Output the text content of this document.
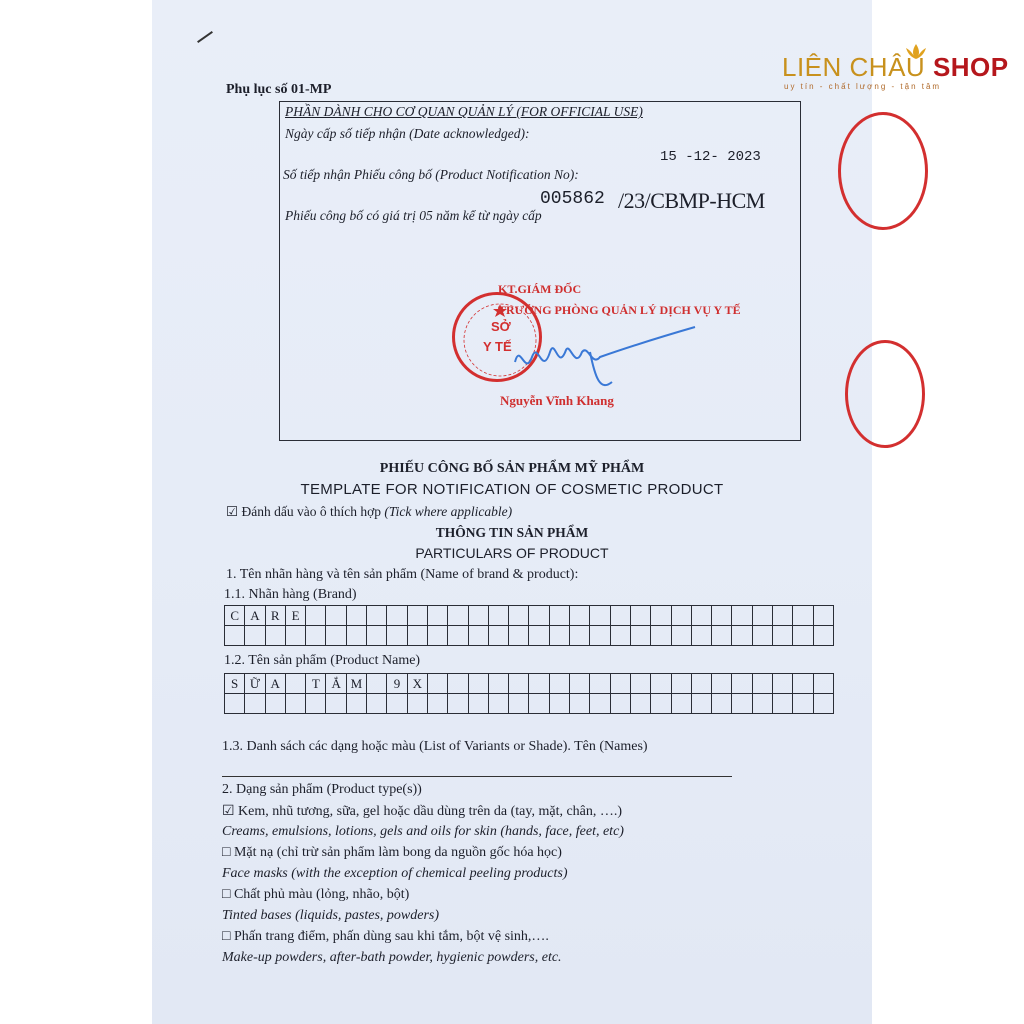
LIÊN CHÂU SHOP
uy tín - chất lượng - tận tâm
Phụ lục số 01-MP
PHẦN DÀNH CHO CƠ QUAN QUẢN LÝ (FOR OFFICIAL USE)
Ngày cấp số tiếp nhận (Date acknowledged):
15 -12- 2023
Số tiếp nhận Phiếu công bố (Product Notification No):
005862 /23/CBMP-HCM
Phiếu công bố có giá trị 05 năm kể từ ngày cấp
SỞ
Y TẾ
KT.GIÁM ĐỐC
TRƯỞNG PHÒNG QUẢN LÝ DỊCH VỤ Y TẾ
Nguyễn Vĩnh Khang
PHIẾU CÔNG BỐ SẢN PHẨM MỸ PHẨM
TEMPLATE FOR NOTIFICATION OF COSMETIC PRODUCT
☑ Đánh dấu vào ô thích hợp (Tick where applicable)
THÔNG TIN SẢN PHẨM
PARTICULARS OF PRODUCT
1. Tên nhãn hàng và tên sản phẩm (Name of brand & product):
1.1. Nhãn hàng (Brand)
C	A	R	E																										

1.2. Tên sản phẩm (Product Name)
S	Ữ	A		T	Ắ	M		9	X																				

1.3. Danh sách các dạng hoặc màu (List of Variants or Shade). Tên (Names)
2. Dạng sản phẩm (Product type(s))
☑ Kem, nhũ tương, sữa, gel hoặc dầu dùng trên da (tay, mặt, chân, ….)
Creams, emulsions, lotions, gels and oils for skin (hands, face, feet, etc)
□ Mặt nạ (chỉ trừ sản phẩm làm bong da nguồn gốc hóa học)
Face masks (with the exception of chemical peeling products)
□ Chất phủ màu (lỏng, nhão, bột)
Tinted bases (liquids, pastes, powders)
□ Phấn trang điểm, phấn dùng sau khi tắm, bột vệ sinh,….
Make-up powders, after-bath powder, hygienic powders, etc.
